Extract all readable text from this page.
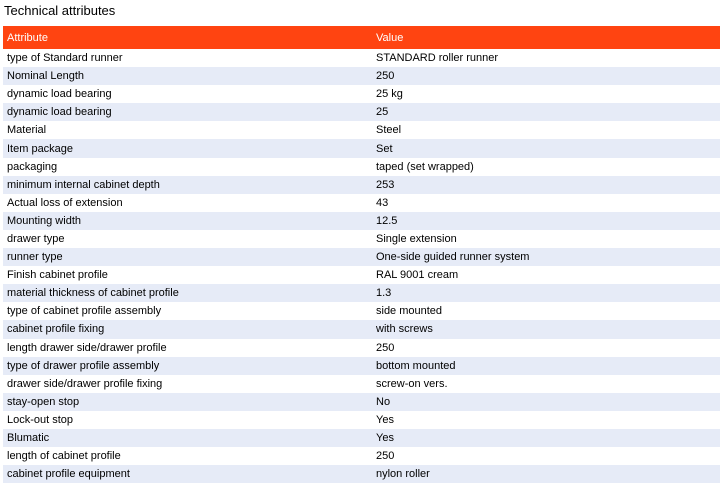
Technical attributes
Attribute	Value
type of Standard runner	STANDARD roller runner
Nominal Length	250
dynamic load bearing	25 kg
dynamic load bearing	25
Material	Steel
Item package	Set
packaging	taped (set wrapped)
minimum internal cabinet depth	253
Actual loss of extension	43
Mounting width	12.5
drawer type	Single extension
runner type	One-side guided runner system
Finish cabinet profile	RAL 9001 cream
material thickness of cabinet profile	1.3
type of cabinet profile assembly	side mounted
cabinet profile fixing	with screws
length drawer side/drawer profile	250
type of drawer profile assembly	bottom mounted
drawer side/drawer profile fixing	screw-on vers.
stay-open stop	No
Lock-out stop	Yes
Blumatic	Yes
length of cabinet profile	250
cabinet profile equipment	nylon roller
